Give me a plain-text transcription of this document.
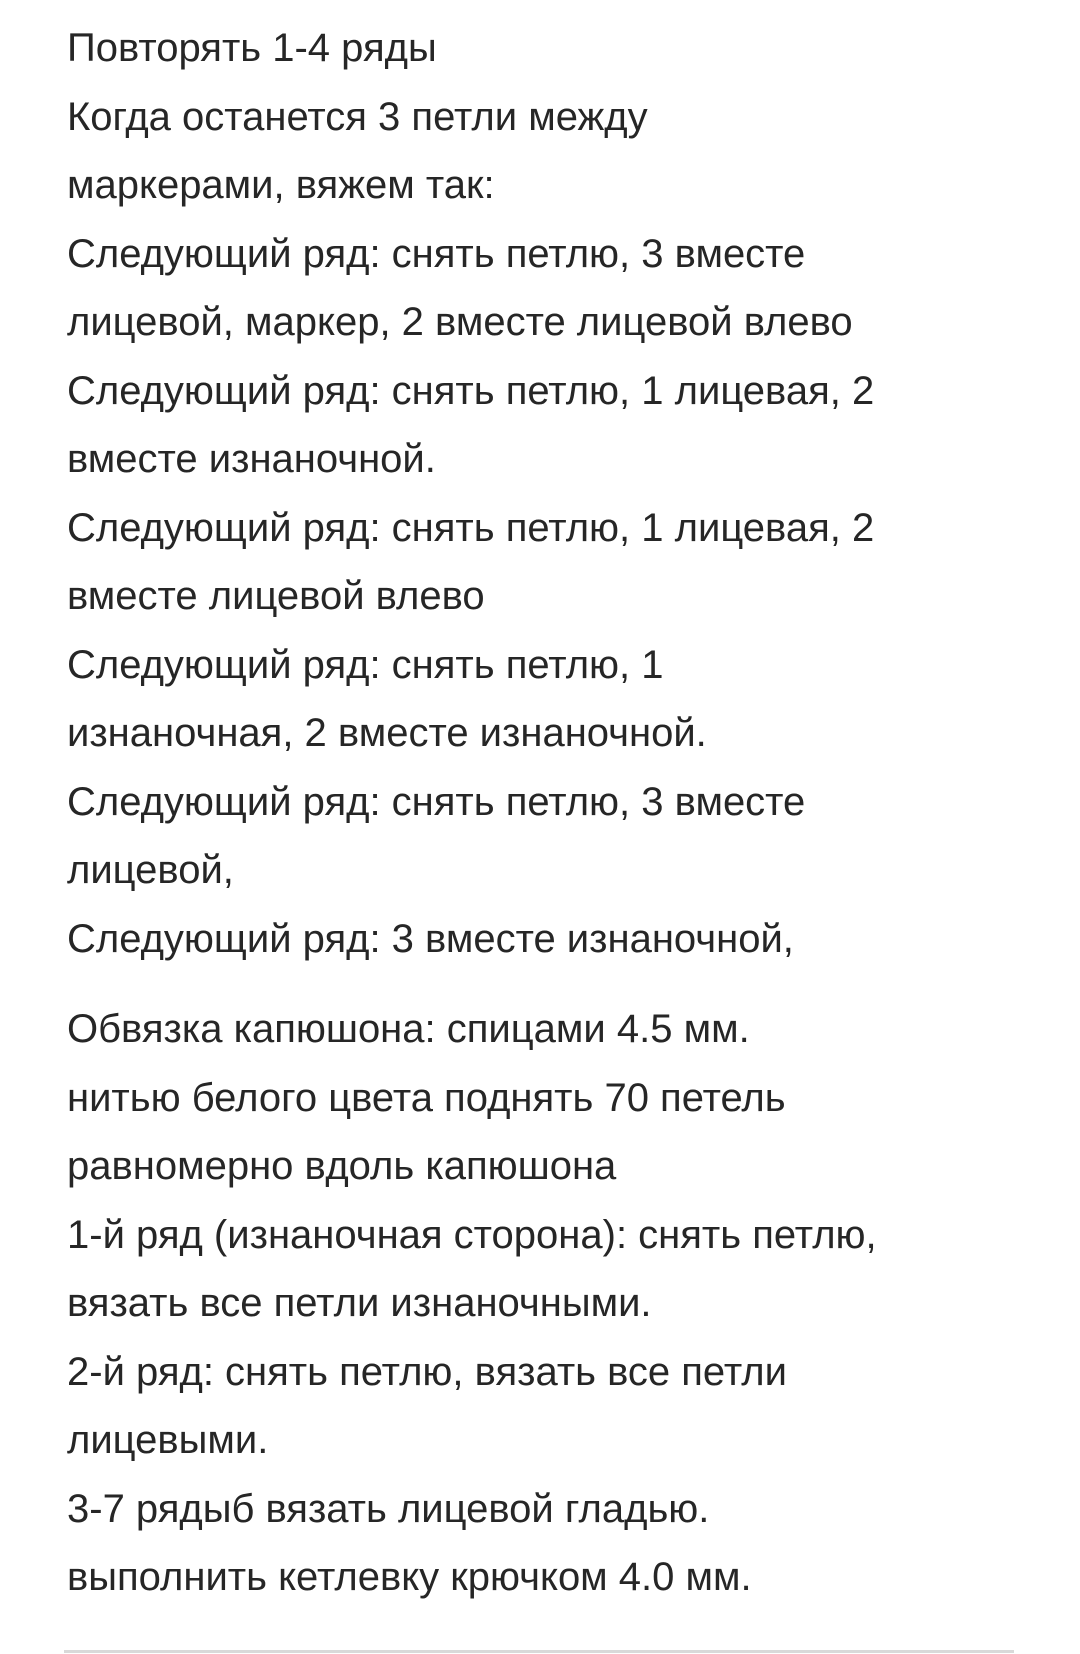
Повторять 1-4 ряды
Когда останется 3 петли между
маркерами, вяжем так:
Следующий ряд: снять петлю, 3 вместе
лицевой, маркер, 2 вместе лицевой влево
Следующий ряд: снять петлю, 1 лицевая, 2
вместе изнаночной.
Следующий ряд: снять петлю, 1 лицевая, 2
вместе лицевой влево
Следующий ряд: снять петлю, 1
изнаночная, 2 вместе изнаночной.
Следующий ряд: снять петлю, 3 вместе
лицевой,
Следующий ряд: 3 вместе изнаночной,
Обвязка капюшона: спицами 4.5 мм.
нитью белого цвета поднять 70 петель
равномерно вдоль капюшона
1-й ряд (изнаночная сторона): снять петлю,
вязать все петли изнаночными.
2-й ряд: снять петлю, вязать все петли
лицевыми.
3-7 рядыб вязать лицевой гладью.
выполнить кетлевку крючком 4.0 мм.
